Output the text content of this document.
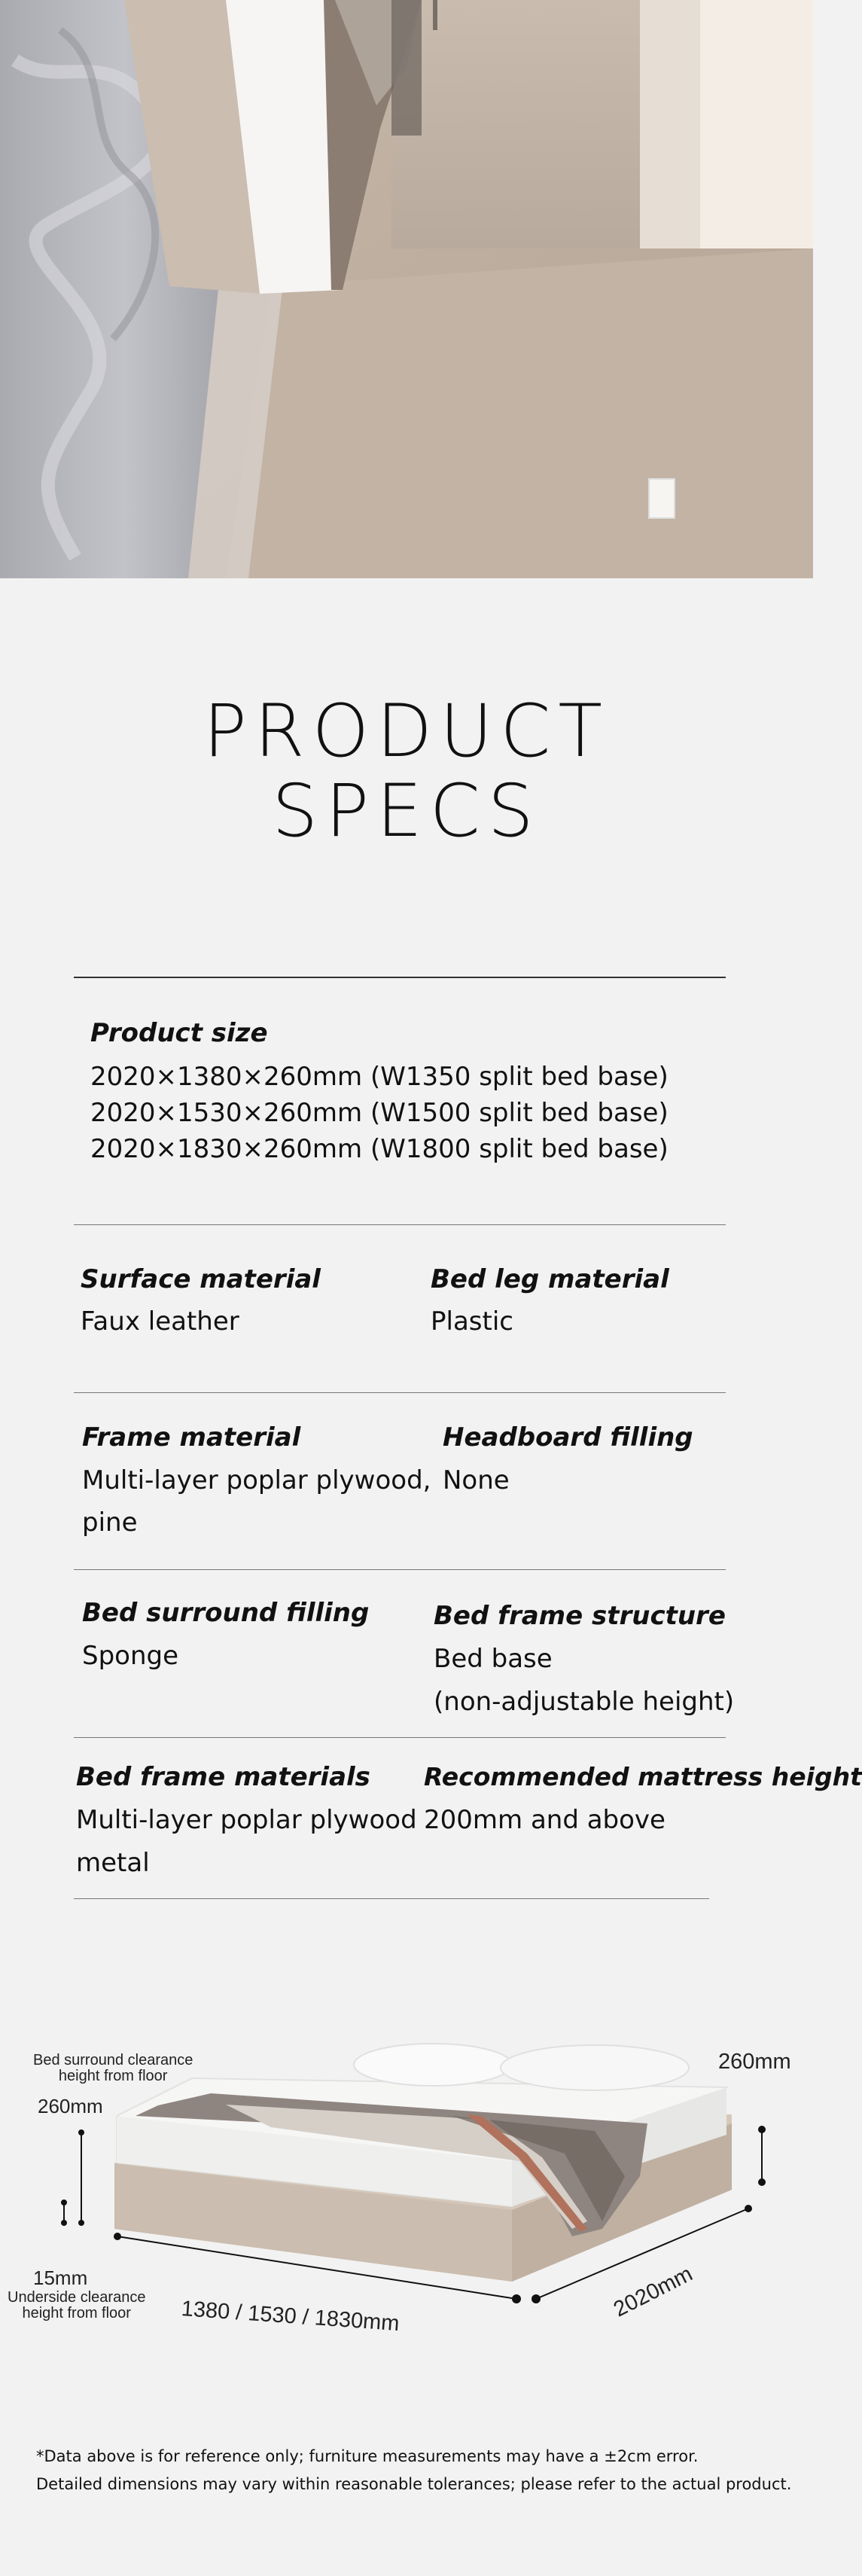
PRODUCT
SPECS
Product size
2020×1380×260mm (W1350 split bed base)
2020×1530×260mm (W1500 split bed base)
2020×1830×260mm (W1800 split bed base)
Surface material
Faux leather
Bed leg material
Plastic
Frame material
Multi-layer poplar plywood,
pine
Headboard filling
None
Bed surround filling
Sponge
Bed frame structure
Bed base
(non-adjustable height)
Bed frame materials
Multi-layer poplar plywood
metal
Recommended mattress height
200mm and above
Bed surround clearance
height from floor
260mm
260mm
15mm
Underside clearance
height from floor	1380 / 1530 / 1830mm	2020mm
*Data above is for reference only; furniture measurements may have a ±2cm error.
Detailed dimensions may vary within reasonable tolerances; please refer to the actual product.
